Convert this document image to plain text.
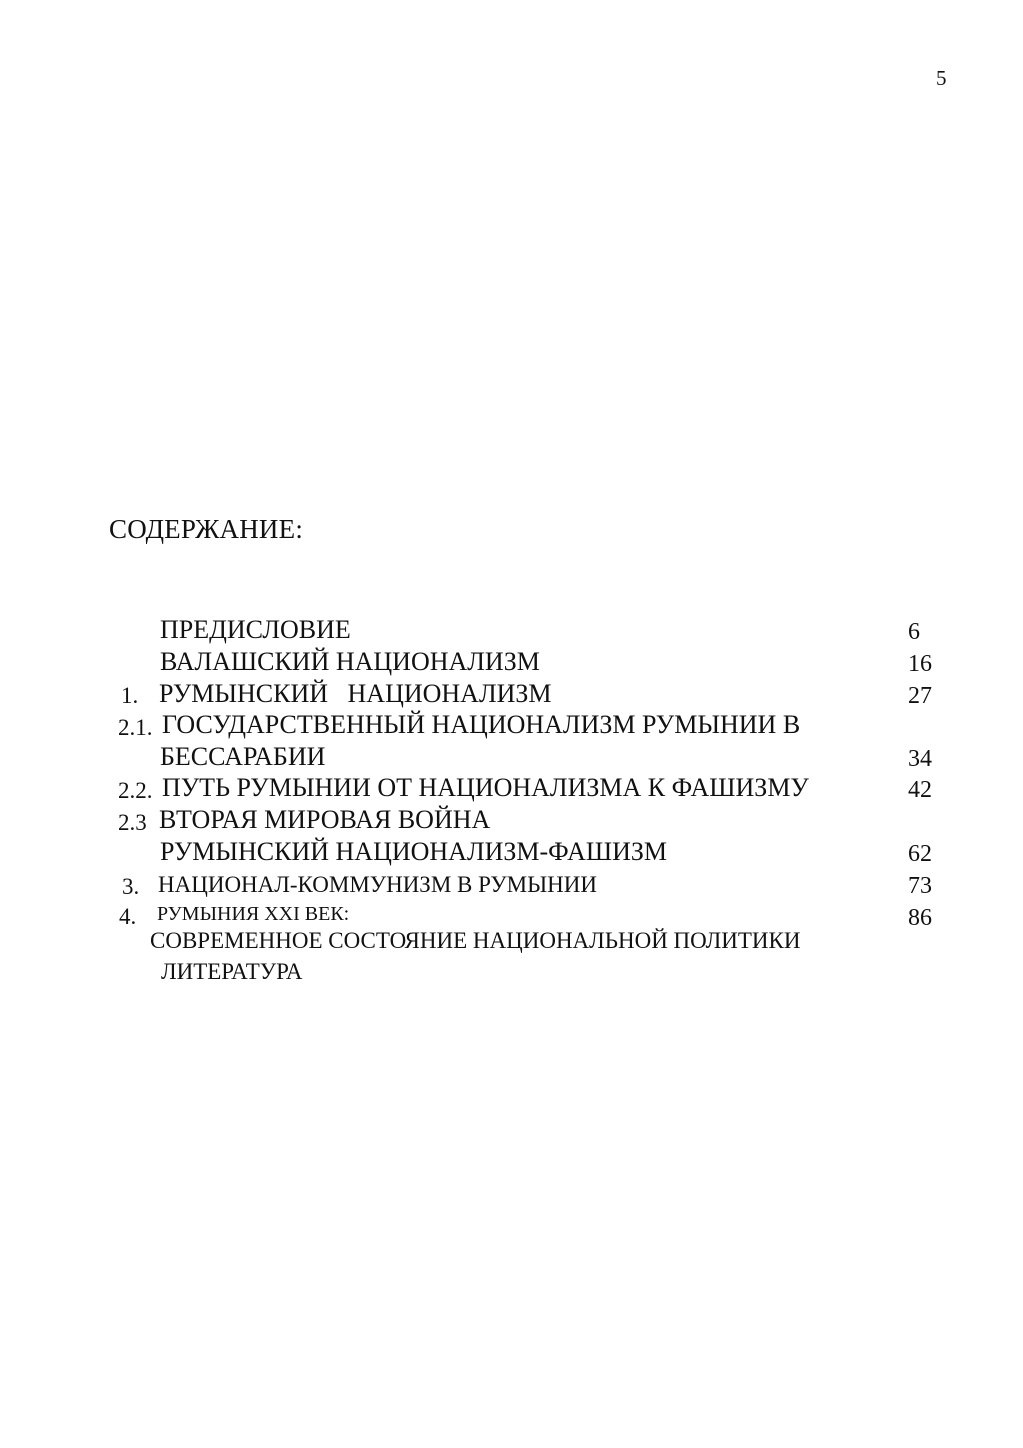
5
СОДЕРЖАНИЕ:
ПРЕДИСЛОВИЕ	6
ВАЛАШСКИЙ НАЦИОНАЛИЗМ	16
1. РУМЫНСКИЙ   НАЦИОНАЛИЗМ	27
2.1. ГОСУДАРСТВЕННЫЙ НАЦИОНАЛИЗМ РУМЫНИИ В
БЕССАРАБИИ	34
2.2. ПУТЬ РУМЫНИИ ОТ НАЦИОНАЛИЗМА К ФАШИЗМУ	42
2.3 ВТОРАЯ МИРОВАЯ ВОЙНА
РУМЫНСКИЙ НАЦИОНАЛИЗМ-ФАШИЗМ	62
3. НАЦИОНАЛ-КОММУНИЗМ В РУМЫНИИ	73
4. РУМЫНИЯ XXI ВЕК:	86
СОВРЕМЕННОЕ СОСТОЯНИЕ НАЦИОНАЛЬНОЙ ПОЛИТИКИ
ЛИТЕРАТУРА
